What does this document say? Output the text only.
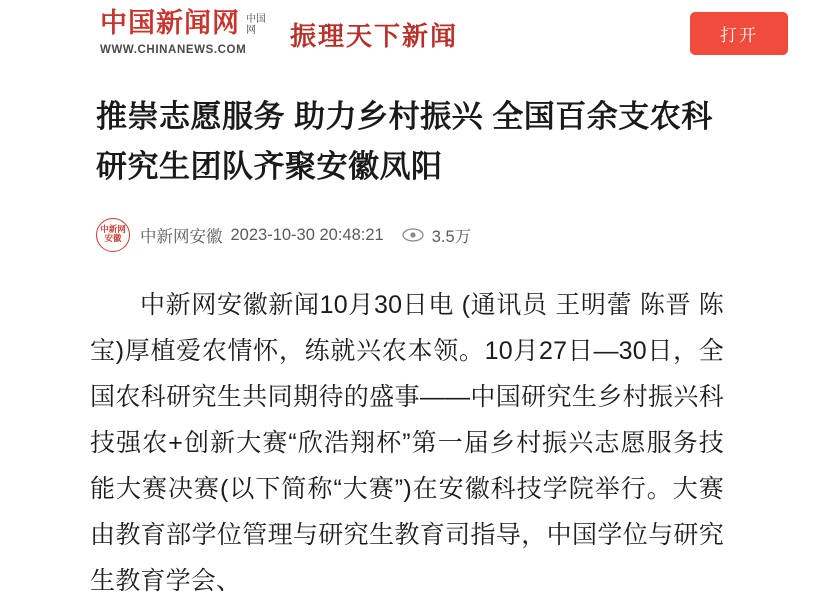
中国新闻网 中国网
WWW.CHINANEWS.COM 振理天下新闻	打开
推崇志愿服务 助力乡村振兴 全国百余支农科研究生团队齐聚安徽凤阳
中新网
安徽 中新网安徽 2023-10-30 20:48:21	3.5万

中新网安徽新闻10月30日电 (通讯员 王明蕾 陈晋 陈宝)厚植爱农情怀，练就兴农本领。10月27日—30日，全国农科研究生共同期待的盛事——中国研究生乡村振兴科技强农+创新大赛“欣浩翔杯”第一届乡村振兴志愿服务技能大赛决赛(以下简称“大赛”)在安徽科技学院举行。大赛由教育部学位管理与研究生教育司指导，中国学位与研究生教育学会、
